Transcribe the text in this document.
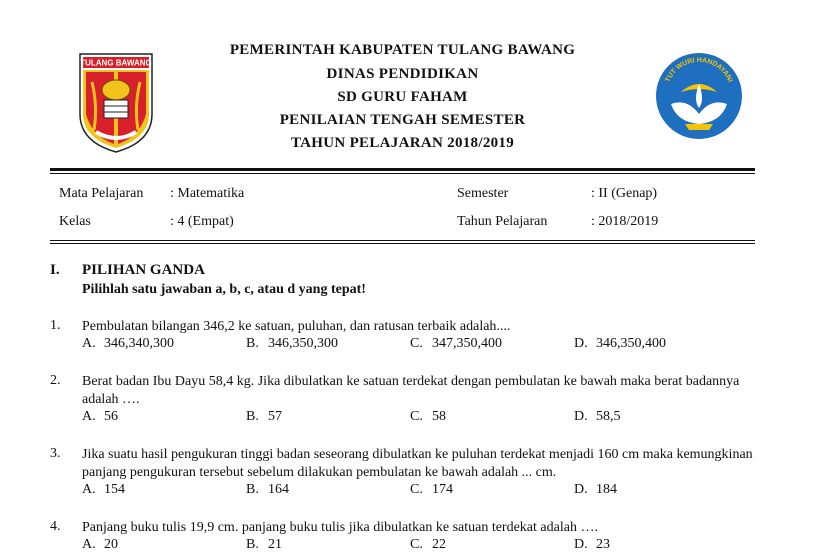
TULANG BAWANG
PEMERINTAH KABUPATEN TULANG BAWANG
DINAS PENDIDIKAN
SD GURU FAHAM
PENILAIAN TENGAH SEMESTER
TAHUN PELAJARAN 2018/2019
TUT WURI HANDAYANI
Mata Pelajaran : Matematika	Semester	: II (Genap)
Kelas	: 4 (Empat)	Tahun Pelajaran	: 2018/2019
I. PILIHAN GANDA
Pilihlah satu jawaban a, b, c, atau d yang tepat!
1. Pembulatan bilangan 346,2 ke satuan, puluhan, dan ratusan terbaik adalah....
A. 346,340,300	B. 346,350,300	C. 347,350,400	D. 346,350,400
2. Berat badan Ibu Dayu 58,4 kg. Jika dibulatkan ke satuan terdekat dengan pembulatan ke bawah maka berat badannya adalah ….
A. 56	B. 57	C. 58	D. 58,5
3. Jika suatu hasil pengukuran tinggi badan seseorang dibulatkan ke puluhan terdekat menjadi 160 cm maka kemungkinan panjang pengukuran tersebut sebelum dilakukan pembulatan ke bawah adalah ... cm.
A. 154	B. 164	C. 174	D. 184
4. Panjang buku tulis 19,9 cm. panjang buku tulis jika dibulatkan ke satuan terdekat adalah ….
A. 20	B. 21	C. 22	D. 23
